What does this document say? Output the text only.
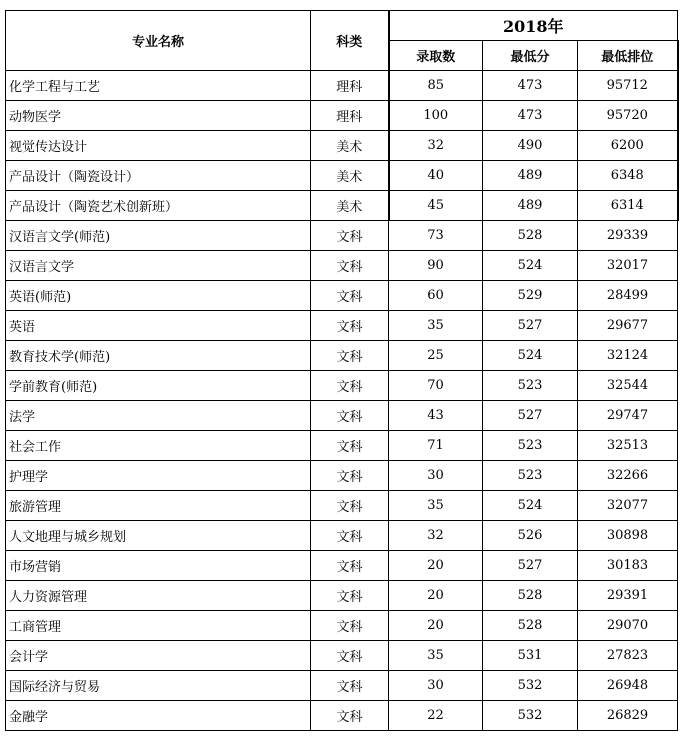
专业名称	科类	2018年		
		录取数	最低分	最低排位
化学工程与工艺	理科	85	473	95712
动物医学	理科	100	473	95720
视觉传达设计	美术	32	490	6200
产品设计（陶瓷设计）	美术	40	489	6348
产品设计（陶瓷艺术创新班）	美术	45	489	6314
汉语言文学(师范)	文科	73	528	29339
汉语言文学	文科	90	524	32017
英语(师范)	文科	60	529	28499
英语	文科	35	527	29677
教育技术学(师范)	文科	25	524	32124
学前教育(师范)	文科	70	523	32544
法学	文科	43	527	29747
社会工作	文科	71	523	32513
护理学	文科	30	523	32266
旅游管理	文科	35	524	32077
人文地理与城乡规划	文科	32	526	30898
市场营销	文科	20	527	30183
人力资源管理	文科	20	528	29391
工商管理	文科	20	528	29070
会计学	文科	35	531	27823
国际经济与贸易	文科	30	532	26948
金融学	文科	22	532	26829
